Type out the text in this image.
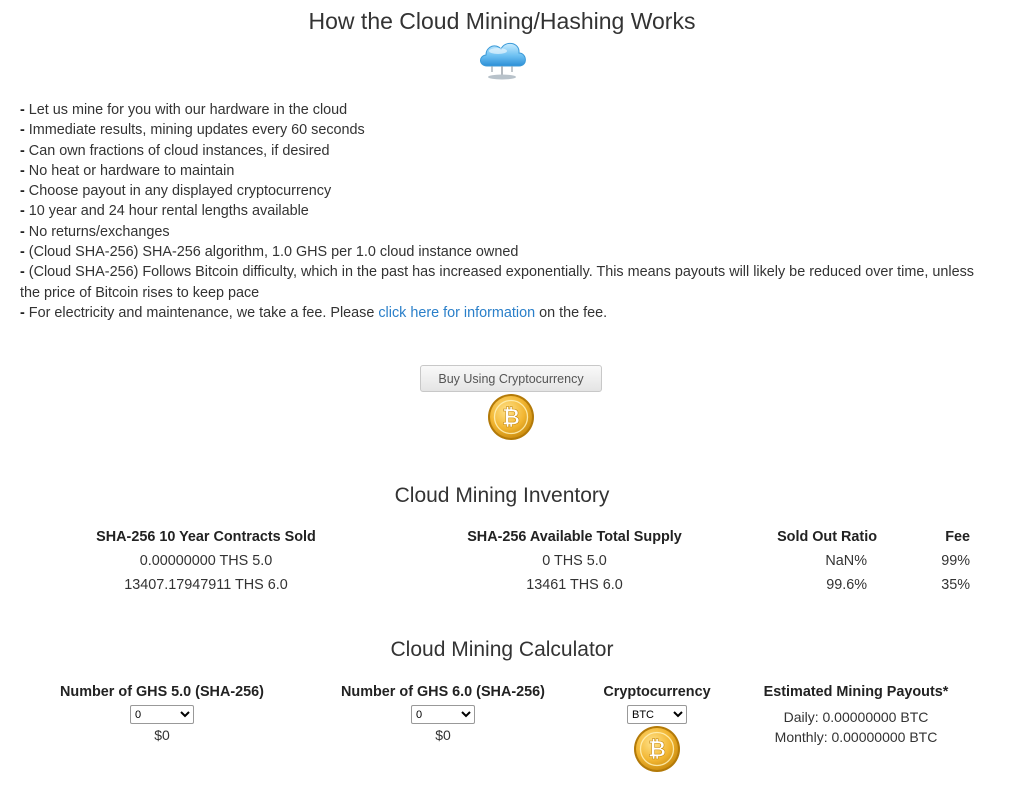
How the Cloud Mining/Hashing Works
- Let us mine for you with our hardware in the cloud
- Immediate results, mining updates every 60 seconds
- Can own fractions of cloud instances, if desired
- No heat or hardware to maintain
- Choose payout in any displayed cryptocurrency
- 10 year and 24 hour rental lengths available
- No returns/exchanges
- (Cloud SHA-256) SHA-256 algorithm, 1.0 GHS per 1.0 cloud instance owned
- (Cloud SHA-256) Follows Bitcoin difficulty, which in the past has increased exponentially. This means payouts will likely be reduced over time, unless the price of Bitcoin rises to keep pace
- For electricity and maintenance, we take a fee. Please click here for information on the fee.
Buy Using Cryptocurrency
₿
Cloud Mining Inventory
SHA-256 10 Year Contracts Sold	SHA-256 Available Total Supply	Sold Out Ratio	Fee
0.00000000 THS 5.0	0 THS 5.0	NaN%	99%
13407.17947911 THS 6.0	13461 THS 6.0	99.6%	35%
Cloud Mining Calculator
Number of GHS 5.0 (SHA-256)
0
$0
Number of GHS 6.0 (SHA-256)
0
$0
Cryptocurrency
BTC
₿
Estimated Mining Payouts*
Daily: 0.00000000 BTC
Monthly: 0.00000000 BTC
